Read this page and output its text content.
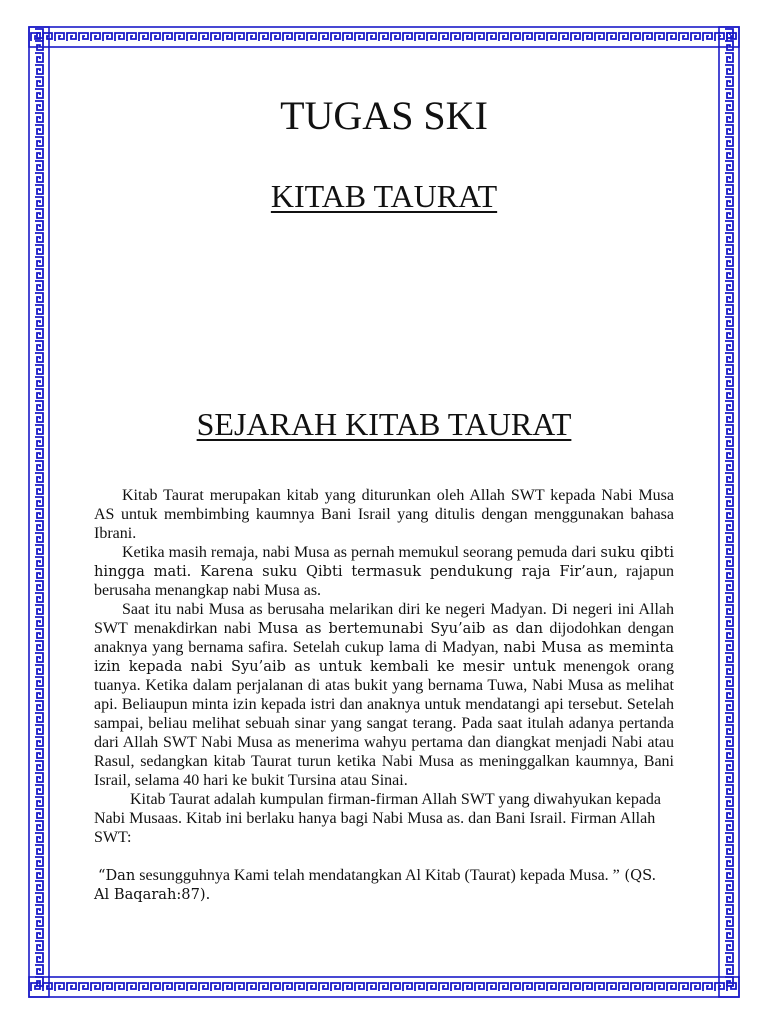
TUGAS SKI
KITAB TAURAT
SEJARAH KITAB TAURAT

Kitab Taurat merupakan kitab yang diturunkan oleh Allah SWT kepada Nabi Musa AS untuk membimbing kaumnya Bani Israil yang ditulis dengan menggunakan bahasa Ibrani.

Ketika masih remaja, nabi Musa as pernah memukul seorang pemuda dari suku qibti hingga mati. Karena suku Qibti termasuk pendukung raja Fir’aun, rajapun berusaha menangkap nabi Musa as.

Saat itu nabi Musa as berusaha melarikan diri ke negeri Madyan. Di negeri ini Allah SWT menakdirkan nabi Musa as bertemunabi Syu’aib as dan dijodohkan dengan anaknya yang bernama safira. Setelah cukup lama di Madyan, nabi Musa as meminta izin kepada nabi Syu’aib as untuk kembali ke mesir untuk menengok orang tuanya. Ketika dalam perjalanan di atas bukit yang bernama Tuwa, Nabi Musa as melihat api. Beliaupun minta izin kepada istri dan anaknya untuk mendatangi api tersebut. Setelah sampai, beliau melihat sebuah sinar yang sangat terang. Pada saat itulah adanya pertanda dari Allah SWT Nabi Musa as menerima wahyu pertama dan diangkat menjadi Nabi atau Rasul, sedangkan kitab Taurat turun ketika Nabi Musa as meninggalkan kaumnya, Bani Israil, selama 40 hari ke bukit Tursina atau Sinai.

Kitab Taurat adalah kumpulan firman-firman Allah SWT yang diwahyukan kepada Nabi Musaas. Kitab ini berlaku hanya bagi Nabi Musa as. dan Bani Israil. Firman Allah SWT:

“Dan sesungguhnya Kami telah mendatangkan Al Kitab (Taurat) kepada Musa. ” (QS. Al Baqarah:87).
